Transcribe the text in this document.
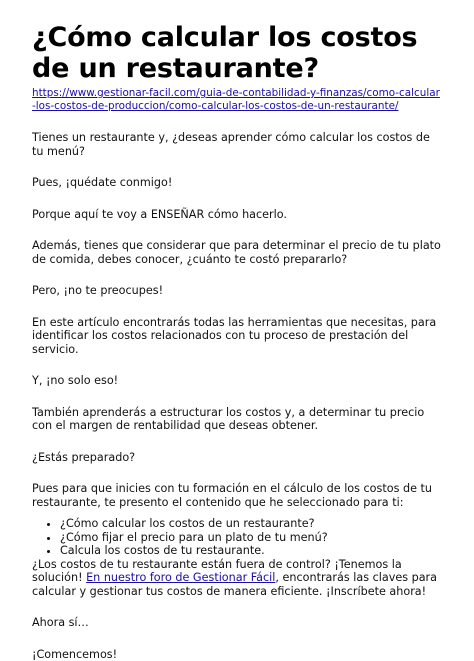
¿Cómo calcular los costos de un restaurante?
https://www.gestionar-facil.com/guia-de-contabilidad-y-finanzas/como-calcular-los-costos-de-produccion/como-calcular-los-costos-de-un-restaurante/

Tienes un restaurante y, ¿deseas aprender cómo calcular los costos de tu menú?

Pues, ¡quédate conmigo!

Porque aquí te voy a ENSEÑAR cómo hacerlo.

Además, tienes que considerar que para determinar el precio de tu plato de comida, debes conocer, ¿cuánto te costó prepararlo?

Pero, ¡no te preocupes!

En este artículo encontrarás todas las herramientas que necesitas, para identificar los costos relacionados con tu proceso de prestación del servicio.

Y, ¡no solo eso!

También aprenderás a estructurar los costos y, a determinar tu precio con el margen de rentabilidad que deseas obtener.

¿Estás preparado?

Pues para que inicies con tu formación en el cálculo de los costos de tu restaurante, te presento el contenido que he seleccionado para ti:

• ¿Cómo calcular los costos de un restaurante?
• ¿Cómo fijar el precio para un plato de tu menú?
• Calcula los costos de tu restaurante.

¿Los costos de tu restaurante están fuera de control? ¡Tenemos la solución! En nuestro foro de Gestionar Fácil, encontrarás las claves para calcular y gestionar tus costos de manera eficiente. ¡Inscríbete ahora!

Ahora sí…

¡Comencemos!
